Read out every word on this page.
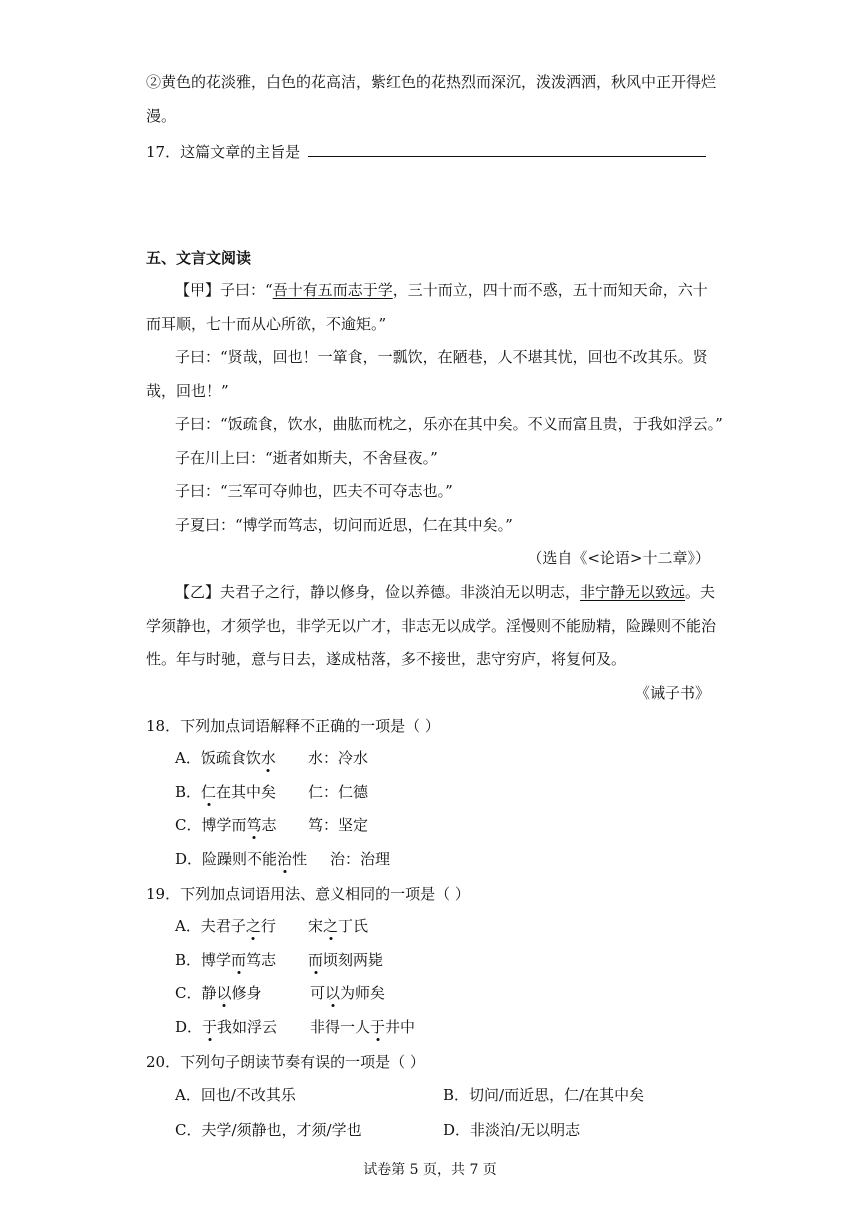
②黄色的花淡雅，白色的花高洁，紫红色的花热烈而深沉，泼泼洒洒，秋风中正开得烂
漫。
17．这篇文章的主旨是
五、文言文阅读
【甲】子曰：“吾十有五而志于学，三十而立，四十而不惑，五十而知天命，六十
而耳顺，七十而从心所欲，不逾矩。”
子曰：“贤哉，回也！一箪食，一瓢饮，在陋巷，人不堪其忧，回也不改其乐。贤
哉，回也！”
子曰：“饭疏食，饮水，曲肱而枕之，乐亦在其中矣。不义而富且贵，于我如浮云。”
子在川上曰：“逝者如斯夫，不舍昼夜。”
子曰：“三军可夺帅也，匹夫不可夺志也。”
子夏曰：“博学而笃志，切问而近思，仁在其中矣。”
（选自《<论语>十二章》）
【乙】夫君子之行，静以修身，俭以养德。非淡泊无以明志，非宁静无以致远。夫
学须静也，才须学也，非学无以广才，非志无以成学。淫慢则不能励精，险躁则不能治
性。年与时驰，意与日去，遂成枯落，多不接世，悲守穷庐，将复何及。
《诫子书》
18．下列加点词语解释不正确的一项是（ ）
A．饭疏食饮水 水：冷水
B．仁在其中矣 仁：仁德
C．博学而笃志 笃：坚定
D．险躁则不能治性 治：治理
19．下列加点词语用法、意义相同的一项是（ ）
A．夫君子之行 宋之丁氏
B．博学而笃志 而顷刻两毙
C．静以修身	可以为师矣
D．于我如浮云 非得一人于井中
20．下列句子朗读节奏有误的一项是（ ）
A．回也/不改其乐	B．切问/而近思，仁/在其中矣
C．夫学/须静也，才须/学也	D．非淡泊/无以明志
试卷第 5 页，共 7 页
